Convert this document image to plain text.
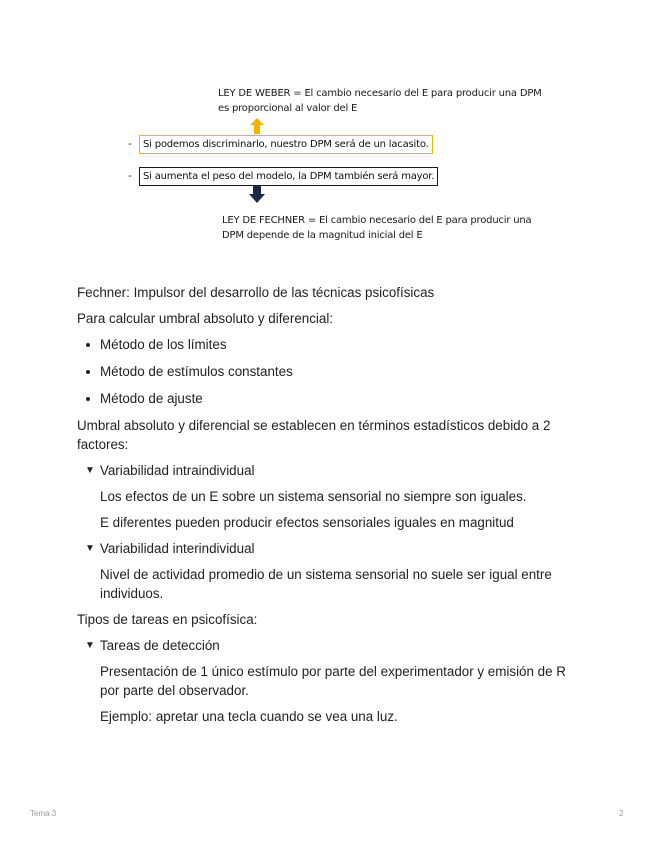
LEY DE WEBER = El cambio necesario del E para producir una DPM es proporcional al valor del E
-	Si podemos discriminarlo, nuestro DPM será de un lacasito.
-	Si aumenta el peso del modelo, la DPM también será mayor.
LEY DE FECHNER = El cambio necesario del E para producir una DPM depende de la magnitud inicial del E

Fechner: Impulsor del desarrollo de las técnicas psicofísicas

Para calcular umbral absoluto y diferencial:

Método de los límites
Método de estímulos constantes
Método de ajuste

Umbral absoluto y diferencial se establecen en términos estadísticos debido a 2 factores:

▼ Variabilidad intraindividual

Los efectos de un E sobre un sistema sensorial no siempre son iguales.

E diferentes pueden producir efectos sensoriales iguales en magnitud

▼ Variabilidad interindividual

Nivel de actividad promedio de un sistema sensorial no suele ser igual entre individuos.

Tipos de tareas en psicofísica:

▼ Tareas de detección

Presentación de 1 único estímulo por parte del experimentador y emisión de R por parte del observador.

Ejemplo: apretar una tecla cuando se vea una luz.

Tema 3	2
